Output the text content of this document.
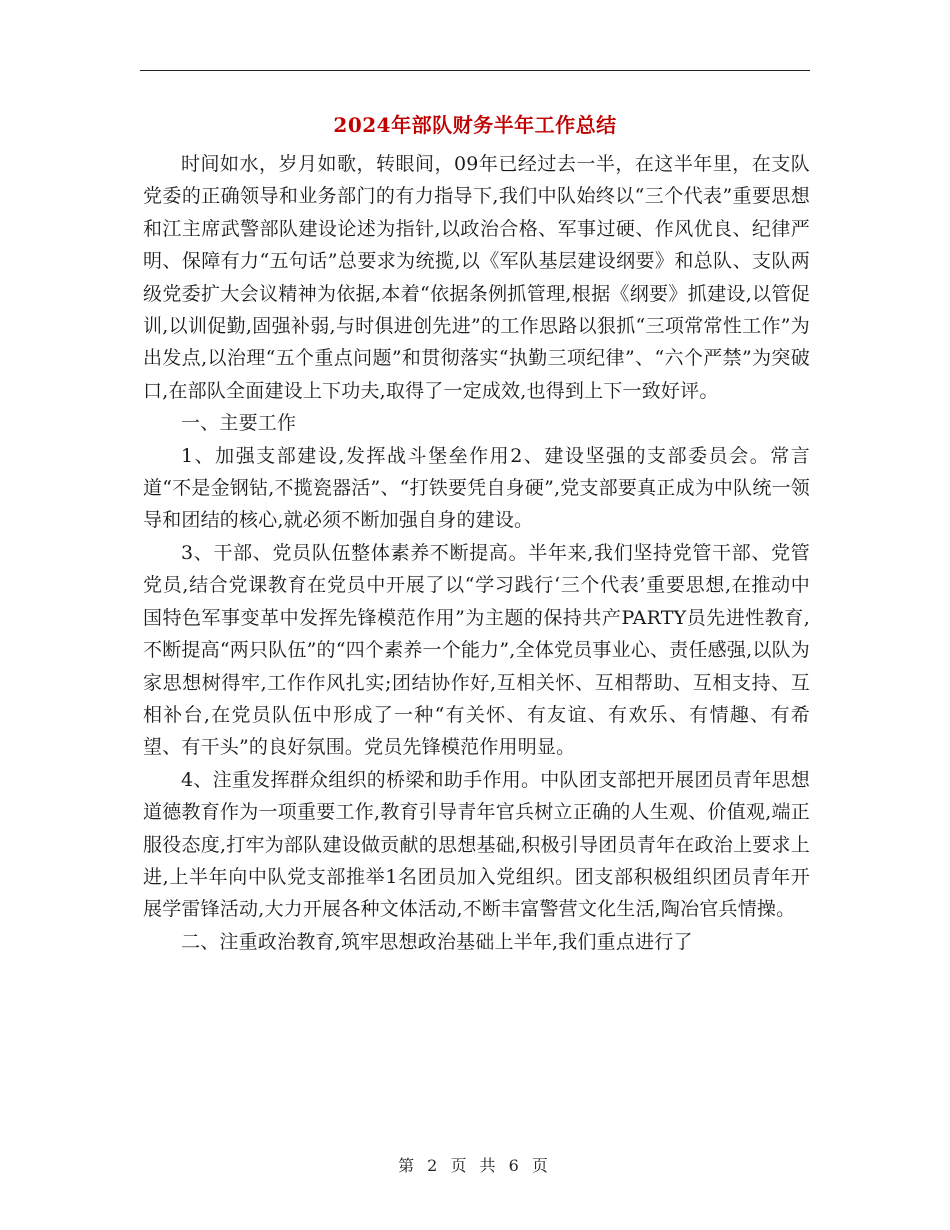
2024年部队财务半年工作总结

时间如水，岁月如歌，转眼间，09年已经过去一半，在这半年里，在支队党委的正确领导和业务部门的有力指导下,我们中队始终以“三个代表”重要思想和江主席武警部队建设论述为指针,以政治合格、军事过硬、作风优良、纪律严明、保障有力“五句话”总要求为统揽,以《军队基层建设纲要》和总队、支队两级党委扩大会议精神为依据,本着“依据条例抓管理,根据《纲要》抓建设,以管促训,以训促勤,固强补弱,与时俱进创先进”的工作思路以狠抓“三项常常性工作”为出发点,以治理“五个重点问题”和贯彻落实“执勤三项纪律”、“六个严禁”为突破口,在部队全面建设上下功夫,取得了一定成效,也得到上下一致好评。

一、主要工作

1、加强支部建设,发挥战斗堡垒作用2、建设坚强的支部委员会。常言道“不是金钢钻,不揽瓷器活”、“打铁要凭自身硬”,党支部要真正成为中队统一领导和团结的核心,就必须不断加强自身的建设。

3、干部、党员队伍整体素养不断提高。半年来,我们坚持党管干部、党管党员,结合党课教育在党员中开展了以“学习践行‘三个代表’重要思想,在推动中国特色军事变革中发挥先锋模范作用”为主题的保持共产PARTY员先进性教育,不断提高“两只队伍”的“四个素养一个能力”,全体党员事业心、责任感强,以队为家思想树得牢,工作作风扎实;团结协作好,互相关怀、互相帮助、互相支持、互相补台,在党员队伍中形成了一种“有关怀、有友谊、有欢乐、有情趣、有希望、有干头”的良好氛围。党员先锋模范作用明显。

4、注重发挥群众组织的桥梁和助手作用。中队团支部把开展团员青年思想道德教育作为一项重要工作,教育引导青年官兵树立正确的人生观、价值观,端正服役态度,打牢为部队建设做贡献的思想基础,积极引导团员青年在政治上要求上进,上半年向中队党支部推举1名团员加入党组织。团支部积极组织团员青年开展学雷锋活动,大力开展各种文体活动,不断丰富警营文化生活,陶冶官兵情操。

二、注重政治教育,筑牢思想政治基础上半年,我们重点进行了

第 2 页 共 6 页
